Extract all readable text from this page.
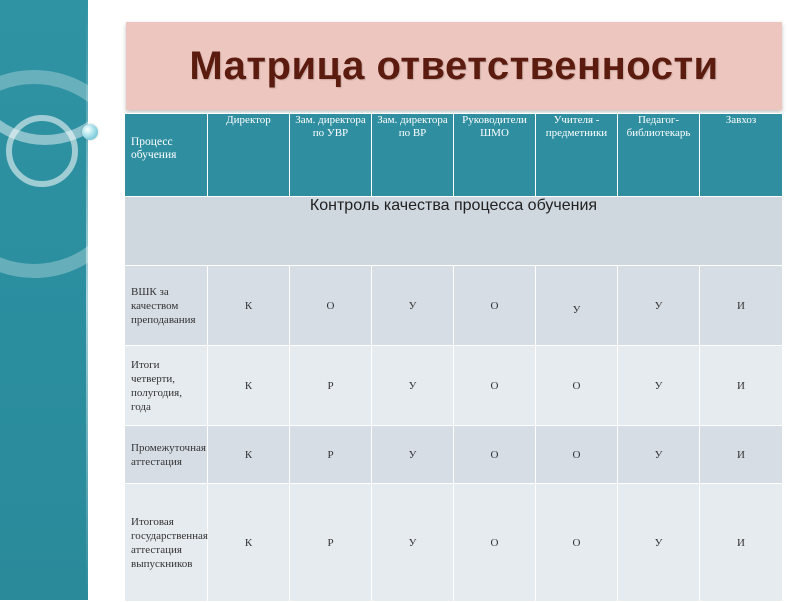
Матрица ответственности
Процесс обучения	Директор	Зам. директора по УВР	Зам. директора по ВР	Руководители ШМО	Учителя - предметники	Педагог-библиотекарь	Завхоз
Контроль качества процесса обучения							
ВШК за качеством преподавания	К	О	У	О	У	У	И
Итоги четверти, полугодия, года	К	Р	У	О	О	У	И
Промежуточная аттестация	К	Р	У	О	О	У	И
Итоговая государственная аттестация выпускников	К	Р	У	О	О	У	И
